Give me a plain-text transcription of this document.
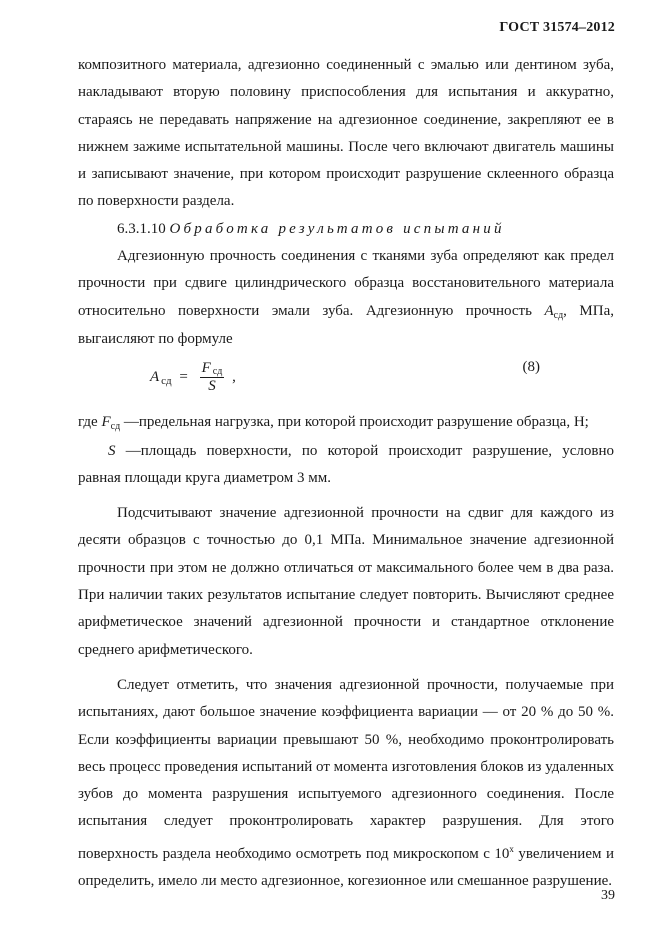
ГОСТ 31574–2012

композитного материала, адгезионно соединенный с эмалью или дентином зуба, накладывают вторую половину приспособления для испытания и аккуратно, стараясь не передавать напряжение на адгезионное соединение, закрепляют ее в нижнем зажиме испытательной машины. После чего включают двигатель машины и записывают значение, при котором происходит разрушение склеенного образца по поверхности раздела.

6.3.1.10 Обработка результатов испытаний

Адгезионную прочность соединения с тканями зуба определяют как предел прочности при сдвиге цилиндрического образца восстановительного материала относительно поверхности эмали зуба. Адгезионную прочность $A_{сд}$, МПа, выгаисляют по формуле

A $_{сд} = \frac{\text{F сд}}{S}$ ,
(8)

где $F_{сд}$ —предельная нагрузка, при которой происходит разрушение образца, Н;

S —площадь поверхности, по которой происходит разрушение, условно равная площади круга диаметром 3 мм.

Подсчитывают значение адгезионной прочности на сдвиг для каждого из десяти образцов с точностью до 0,1 МПа. Минимальное значение адгезионной прочности при этом не должно отличаться от максимального более чем в два раза. При наличии таких результатов испытание следует повторить. Вычисляют среднее арифметическое значений адгезионной прочности и стандартное отклонение среднего арифметического.

Следует отметить, что значения адгезионной прочности, получаемые при испытаниях, дают большое значение коэффициента вариации — от 20 % до 50 %. Если коэффициенты вариации превышают 50 %, необходимо проконтролировать весь процесс проведения испытаний от момента изготовления блоков из удаленных зубов до момента разрушения испытуемого адгезионного соединения. После испытания следует проконтролировать характер разрушения. Для этого поверхность раздела необходимо осмотреть под микроскопом с 10$^x$ увеличением и определить, имело ли место адгезионное, когезионное или смешанное разрушение.

39
